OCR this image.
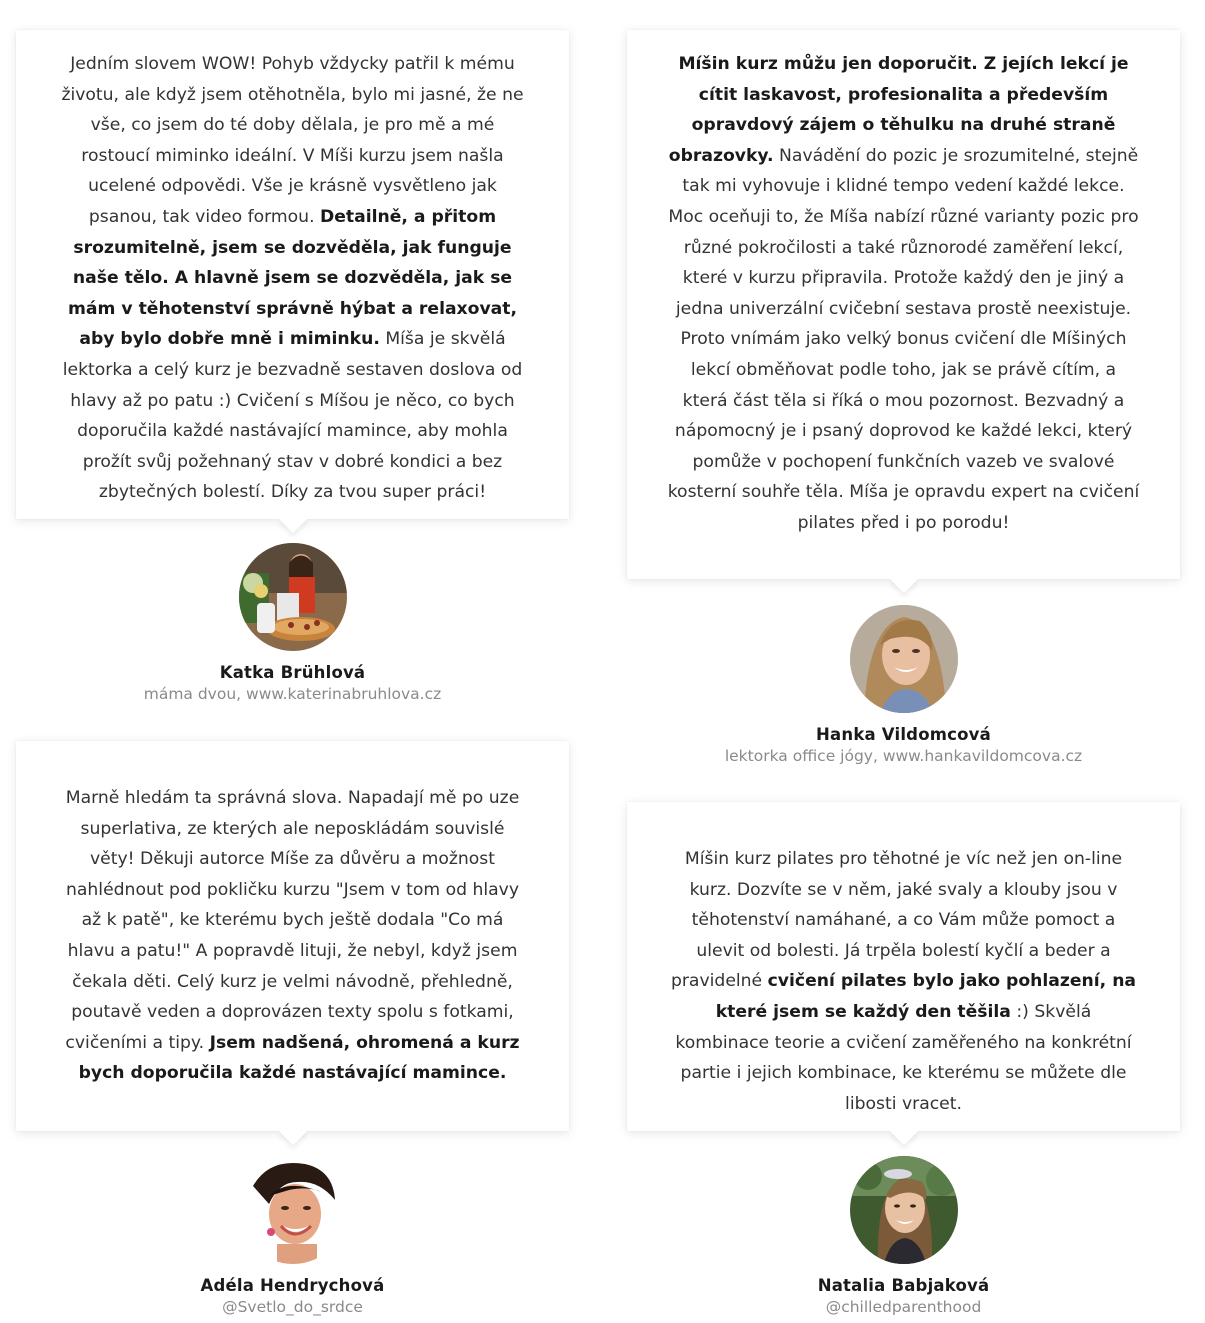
Jedním slovem WOW! Pohyb vždycky patřil k mému životu, ale když jsem otěhotněla, bylo mi jasné, že ne vše, co jsem do té doby dělala, je pro mě a mé rostoucí miminko ideální. V Míši kurzu jsem našla ucelené odpovědi. Vše je krásně vysvětleno jak psanou, tak video formou. Detailně, a přitom srozumitelně, jsem se dozvěděla, jak funguje naše tělo. A hlavně jsem se dozvěděla, jak se mám v těhotenství správně hýbat a relaxovat, aby bylo dobře mně i miminku. Míša je skvělá lektorka a celý kurz je bezvadně sestaven doslova od hlavy až po patu :) Cvičení s Míšou je něco, co bych doporučila každé nastávající mamince, aby mohla prožít svůj požehnaný stav v dobré kondici a bez zbytečných bolestí. Díky za tvou super práci!

Katka Brühlová
máma dvou, www.katerinabruhlova.cz

Míšin kurz můžu jen doporučit. Z jejích lekcí je cítit laskavost, profesionalita a především opravdový zájem o těhulku na druhé straně obrazovky. Navádění do pozic je srozumitelné, stejně tak mi vyhovuje i klidné tempo vedení každé lekce. Moc oceňuji to, že Míša nabízí různé varianty pozic pro různé pokročilosti a také různorodé zaměření lekcí, které v kurzu připravila. Protože každý den je jiný a jedna univerzální cvičební sestava prostě neexistuje. Proto vnímám jako velký bonus cvičení dle Míšiných lekcí obměňovat podle toho, jak se právě cítím, a která část těla si říká o mou pozornost. Bezvadný a nápomocný je i psaný doprovod ke každé lekci, který pomůže v pochopení funkčních vazeb ve svalové kosterní souhře těla. Míša je opravdu expert na cvičení pilates před i po porodu!

Hanka Vildomcová
lektorka office jógy, www.hankavildomcova.cz

Marně hledám ta správná slova. Napadají mě po uze superlativa, ze kterých ale neposkládám souvislé věty! Děkuji autorce Míše za důvěru a možnost nahlédnout pod pokličku kurzu "Jsem v tom od hlavy až k patě", ke kterému bych ještě dodala "Co má hlavu a patu!" A popravdě lituji, že nebyl, když jsem čekala děti. Celý kurz je velmi návodně, přehledně, poutavě veden a doprovázen texty spolu s fotkami, cvičeními a tipy. Jsem nadšená, ohromená a kurz bych doporučila každé nastávající mamince.

Adéla Hendrychová
@Svetlo_do_srdce

Míšin kurz pilates pro těhotné je víc než jen on-line kurz. Dozvíte se v něm, jaké svaly a klouby jsou v těhotenství namáhané, a co Vám může pomoct a ulevit od bolesti. Já trpěla bolestí kyčlí a beder a pravidelné cvičení pilates bylo jako pohlazení, na které jsem se každý den těšila :) Skvělá kombinace teorie a cvičení zaměřeného na konkrétní partie i jejich kombinace, ke kterému se můžete dle libosti vracet.

Natalia Babjaková
@chilledparenthood
